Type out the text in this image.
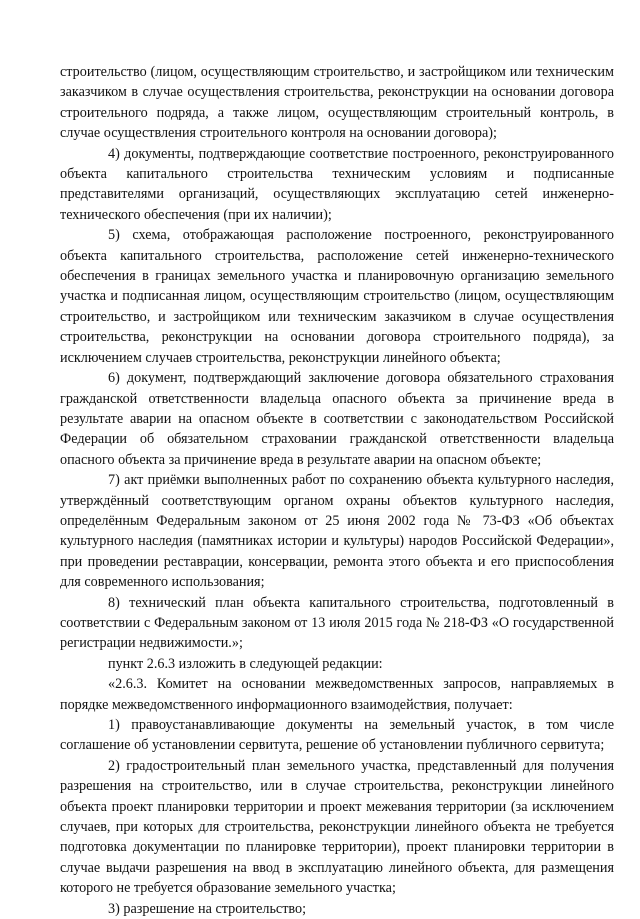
строительство (лицом, осуществляющим строительство, и застройщиком или техническим заказчиком в случае осуществления строительства, реконструкции на основании договора строительного подряда, а также лицом, осуществляющим строительный контроль, в случае осуществления строительного контроля на основании договора);

4) документы, подтверждающие соответствие построенного, реконструированного объекта капитального строительства техническим условиям и подписанные представителями организаций, осуществляющих эксплуатацию сетей инженерно-технического обеспечения (при их наличии);

5) схема, отображающая расположение построенного, реконструированного объекта капитального строительства, расположение сетей инженерно-технического обеспечения в границах земельного участка и планировочную организацию земельного участка и подписанная лицом, осуществляющим строительство (лицом, осуществляющим строительство, и застройщиком или техническим заказчиком в случае осуществления строительства, реконструкции на основании договора строительного подряда), за исключением случаев строительства, реконструкции линейного объекта;

6) документ, подтверждающий заключение договора обязательного страхования гражданской ответственности владельца опасного объекта за причинение вреда в результате аварии на опасном объекте в соответствии с законодательством Российской Федерации об обязательном страховании гражданской ответственности владельца опасного объекта за причинение вреда в результате аварии на опасном объекте;

7) акт приёмки выполненных работ по сохранению объекта культурного наследия, утверждённый соответствующим органом охраны объектов культурного наследия, определённым Федеральным законом от 25 июня 2002 года № 73-ФЗ «Об объектах культурного наследия (памятниках истории и культуры) народов Российской Федерации», при проведении реставрации, консервации, ремонта этого объекта и его приспособления для современного использования;

8) технический план объекта капитального строительства, подготовленный в соответствии с Федеральным законом от 13 июля 2015 года № 218-ФЗ «О государственной регистрации недвижимости.»;

пункт 2.6.3 изложить в следующей редакции:

«2.6.3. Комитет на основании межведомственных запросов, направляемых в порядке межведомственного информационного взаимодействия, получает:

1) правоустанавливающие документы на земельный участок, в том числе соглашение об установлении сервитута, решение об установлении публичного сервитута;

2) градостроительный план земельного участка, представленный для получения разрешения на строительство, или в случае строительства, реконструкции линейного объекта проект планировки территории и проект межевания территории (за исключением случаев, при которых для строительства, реконструкции линейного объекта не требуется подготовка документации по планировке территории), проект планировки территории в случае выдачи разрешения на ввод в эксплуатацию линейного объекта, для размещения которого не требуется образование земельного участка;

3) разрешение на строительство;
